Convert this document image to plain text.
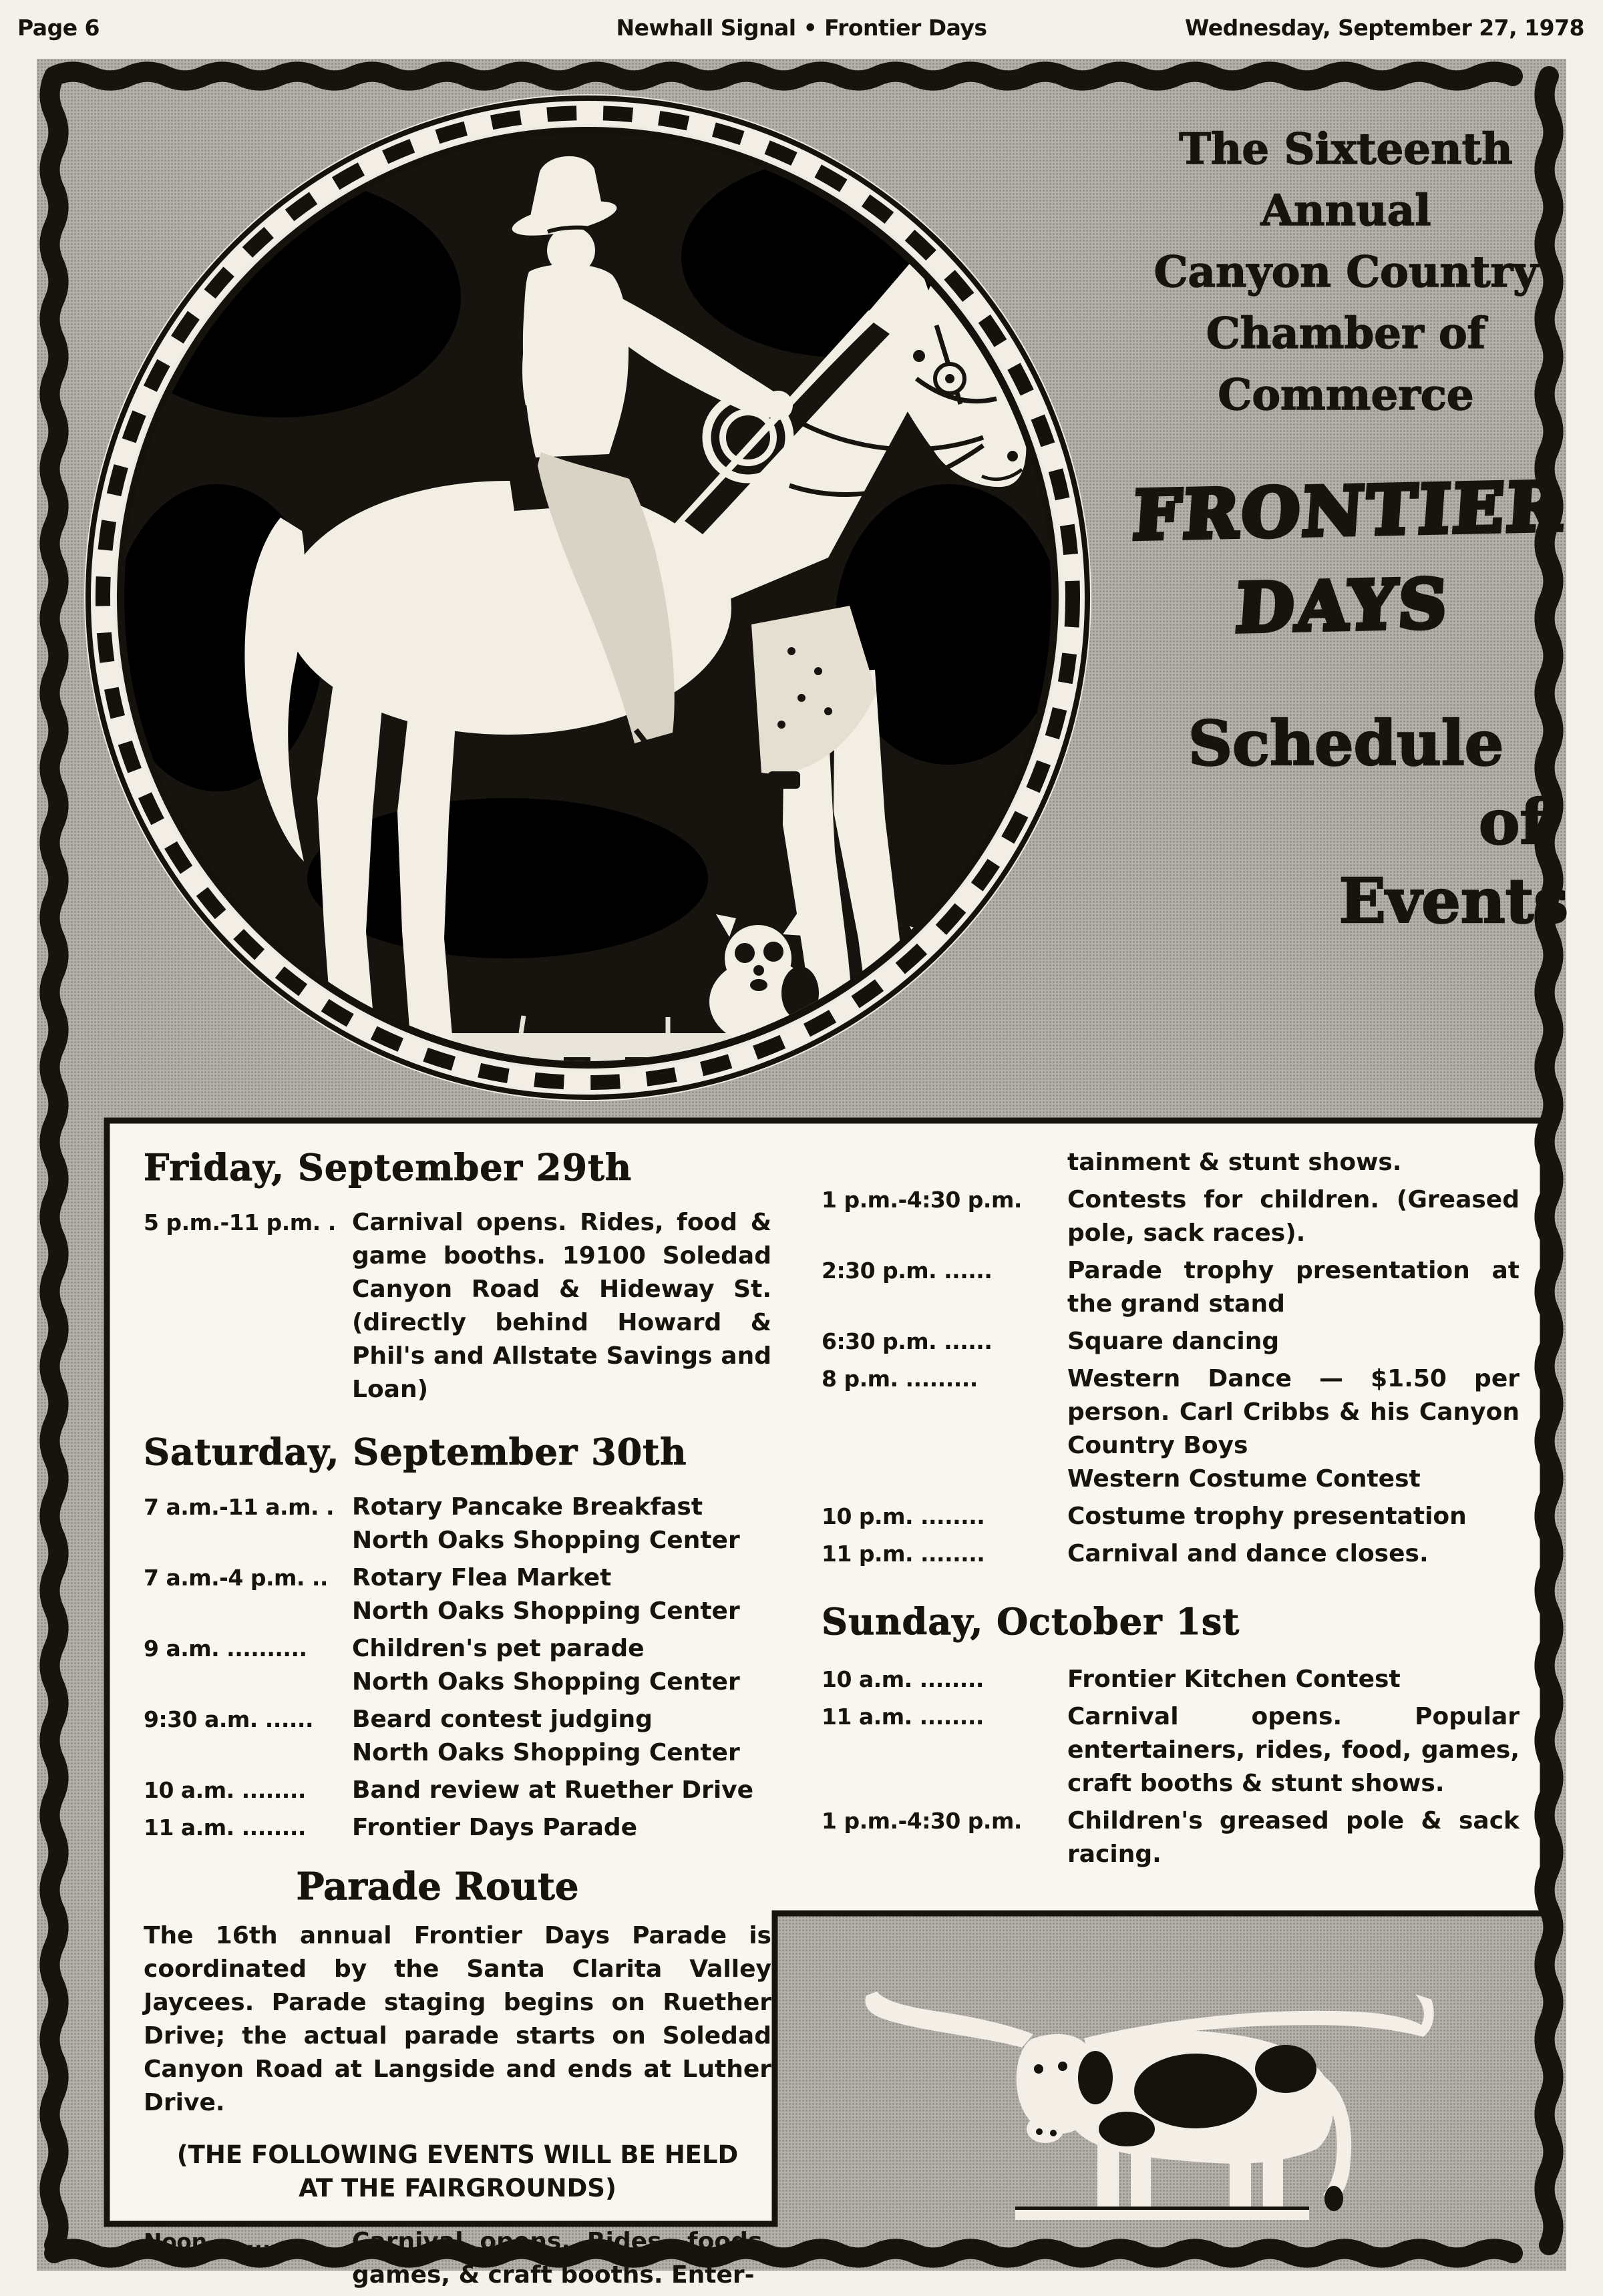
Page 6	Newhall Signal • Frontier Days	Wednesday, September 27, 1978
The Sixteenth
Annual
Canyon Country
Chamber of
Commerce
FRONTIER
DAYS
Schedule
of
Events
Friday, September 29th
5 p.m.-11 p.m. . Carnival opens. Rides, food & game booths. 19100 Soledad Canyon Road & Hideway St. (directly behind Howard & Phil's and Allstate Savings and Loan)

Saturday, September 30th
7 a.m.-11 a.m. . Rotary Pancake Breakfast

North Oaks Shopping Center

7 a.m.-4 p.m. ..	Rotary Flea Market

North Oaks Shopping Center

9 a.m. ..........	Children's pet parade

North Oaks Shopping Center

9:30 a.m. ......	Beard contest judging

North Oaks Shopping Center

10 a.m. ........	Band review at Ruether Drive

11 a.m. ........	Frontier Days Parade

Parade Route

The 16th annual Frontier Days Parade is coordinated by the Santa Clarita Valley Jaycees. Parade staging begins on Ruether Drive; the actual parade starts on Soledad Canyon Road at Langside and ends at Luther Drive.

(THE FOLLOWING EVENTS WILL BE HELD
AT THE FAIRGROUNDS)
Noon .........	Carnival opens. Rides, foods, games, & craft booths. Enter-

tainment & stunt shows.

1 p.m.-4:30 p.m.	Contests for children. (Greased pole, sack races).

2:30 p.m. ......	Parade trophy presentation at the grand stand

6:30 p.m. ......	Square dancing

8 p.m. .........	Western Dance — $1.50 per person. Carl Cribbs & his Canyon Country Boys

Western Costume Contest

10 p.m. ........	Costume trophy presentation

11 p.m. ........	Carnival and dance closes.

Sunday, October 1st
10 a.m. ........	Frontier Kitchen Contest

11 a.m. ........	Carnival opens. Popular entertainers, rides, food, games, craft booths & stunt shows.

1 p.m.-4:30 p.m.	Children's greased pole & sack racing.
